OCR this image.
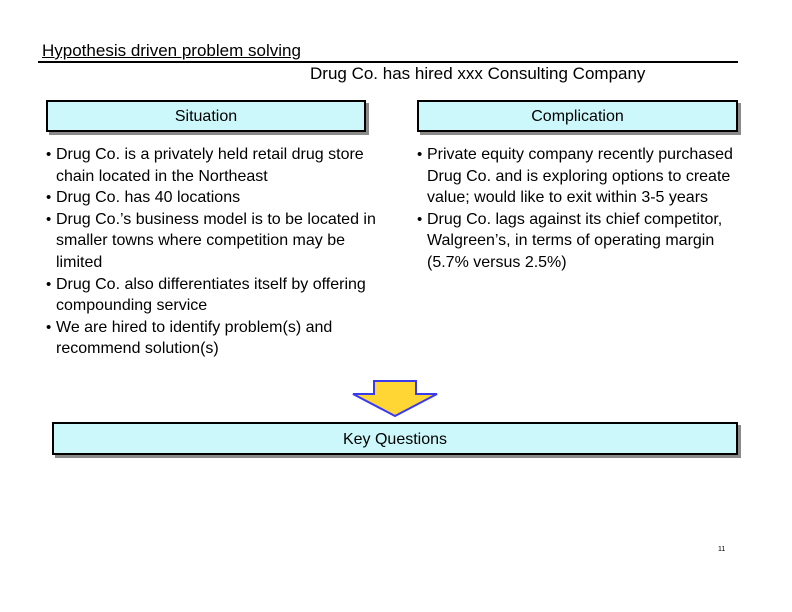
Hypothesis driven problem solving
Drug Co. has hired xxx Consulting Company
Situation	Complication
• Drug Co. is a privately held retail drug store chain located in the Northeast
• Drug Co. has 40 locations
• Drug Co.’s business model is to be located in smaller towns where competition may be limited
• Drug Co. also differentiates itself by offering compounding service
• We are hired to identify problem(s) and recommend solution(s)
• Private equity company recently purchased Drug Co. and is exploring options to create value; would like to exit within 3-5 years
• Drug Co. lags against its chief competitor, Walgreen’s, in terms of operating margin (5.7% versus 2.5%)
Key Questions
11
